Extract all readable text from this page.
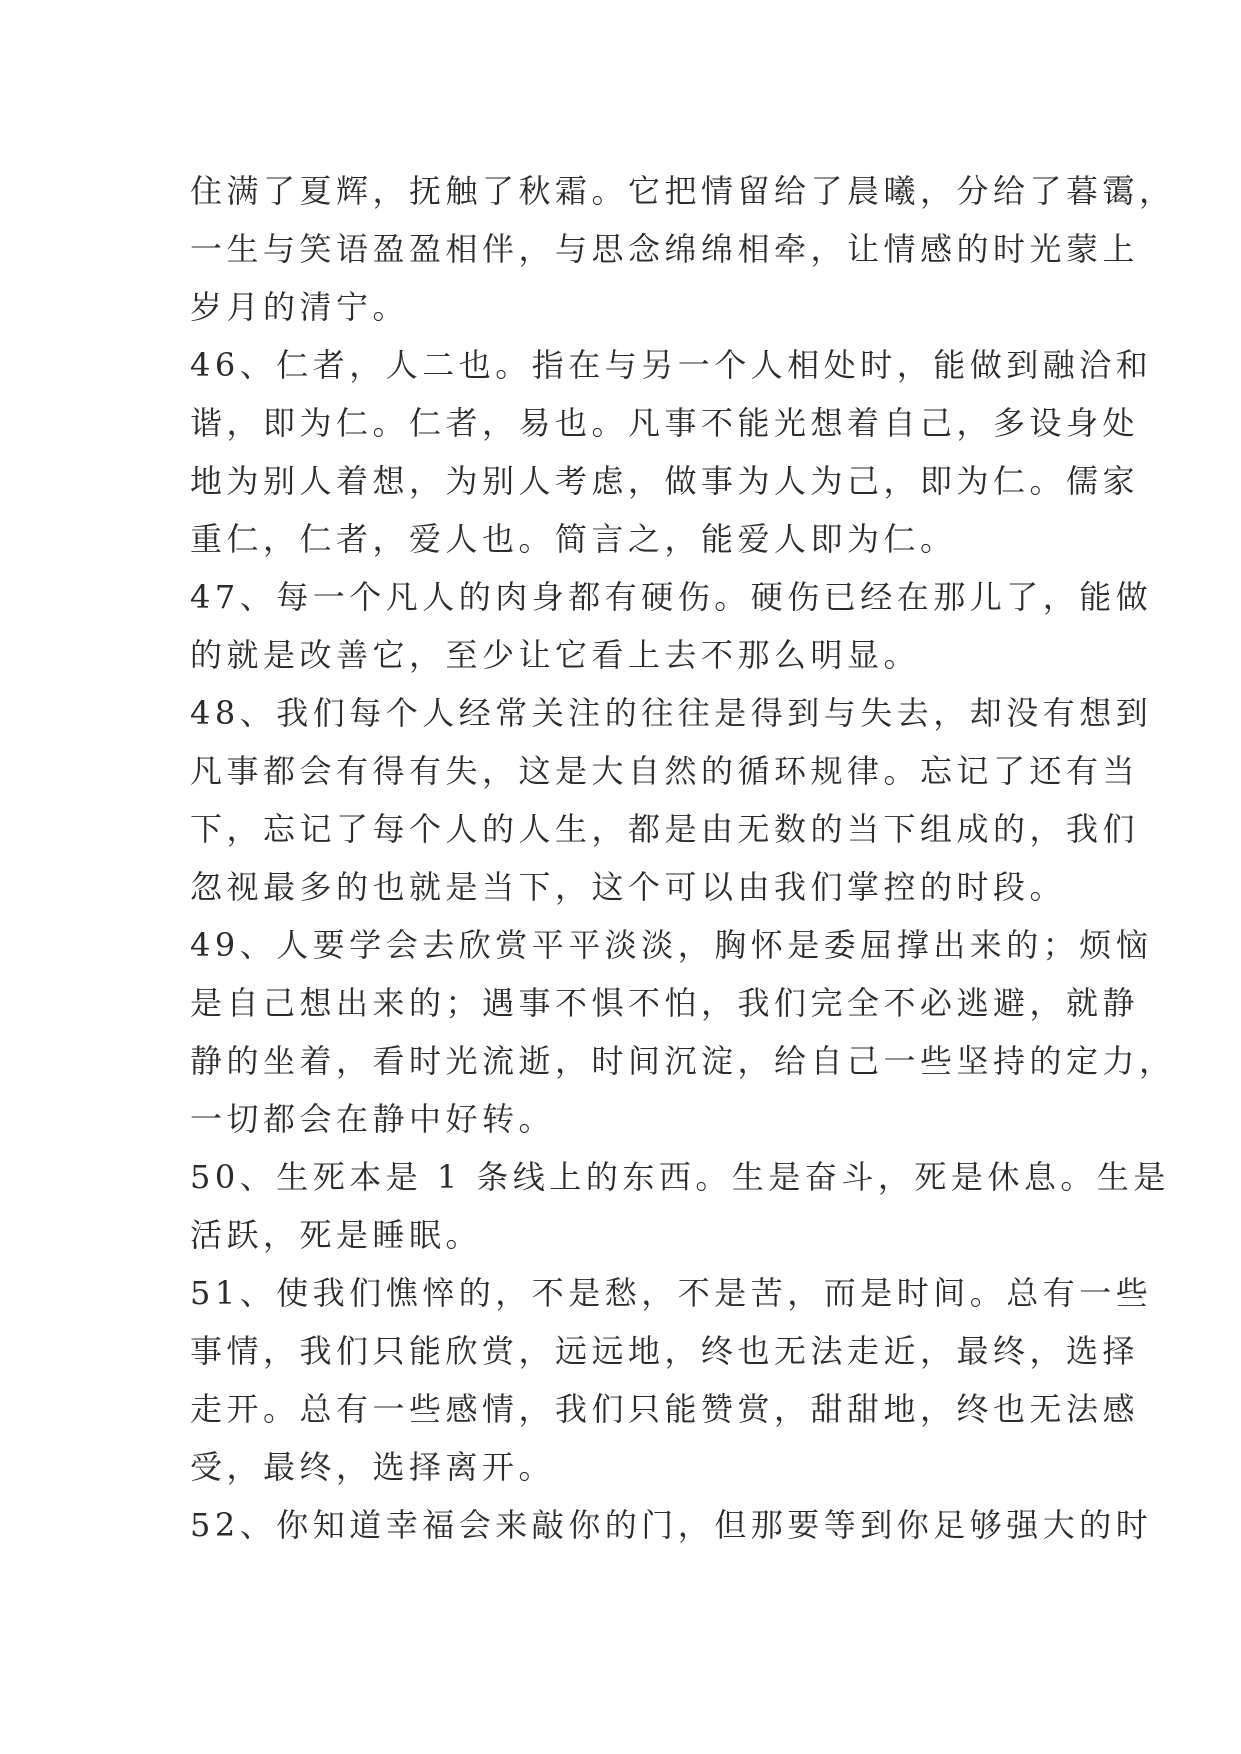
住满了夏辉，抚触了秋霜。它把情留给了晨曦，分给了暮霭，
一生与笑语盈盈相伴，与思念绵绵相牵，让情感的时光蒙上
岁月的清宁。
46、仁者，人二也。指在与另一个人相处时，能做到融洽和
谐，即为仁。仁者，易也。凡事不能光想着自己，多设身处
地为别人着想，为别人考虑，做事为人为己，即为仁。儒家
重仁，仁者，爱人也。简言之，能爱人即为仁。
47、每一个凡人的肉身都有硬伤。硬伤已经在那儿了，能做
的就是改善它，至少让它看上去不那么明显。
48、我们每个人经常关注的往往是得到与失去，却没有想到
凡事都会有得有失，这是大自然的循环规律。忘记了还有当
下，忘记了每个人的人生，都是由无数的当下组成的，我们
忽视最多的也就是当下，这个可以由我们掌控的时段。
49、人要学会去欣赏平平淡淡，胸怀是委屈撑出来的；烦恼
是自己想出来的；遇事不惧不怕，我们完全不必逃避，就静
静的坐着，看时光流逝，时间沉淀，给自己一些坚持的定力，
一切都会在静中好转。
50、生死本是 1 条线上的东西。生是奋斗，死是休息。生是
活跃，死是睡眠。
51、使我们憔悴的，不是愁，不是苦，而是时间。总有一些
事情，我们只能欣赏，远远地，终也无法走近，最终，选择
走开。总有一些感情，我们只能赞赏，甜甜地，终也无法感
受，最终，选择离开。
52、你知道幸福会来敲你的门，但那要等到你足够强大的时
